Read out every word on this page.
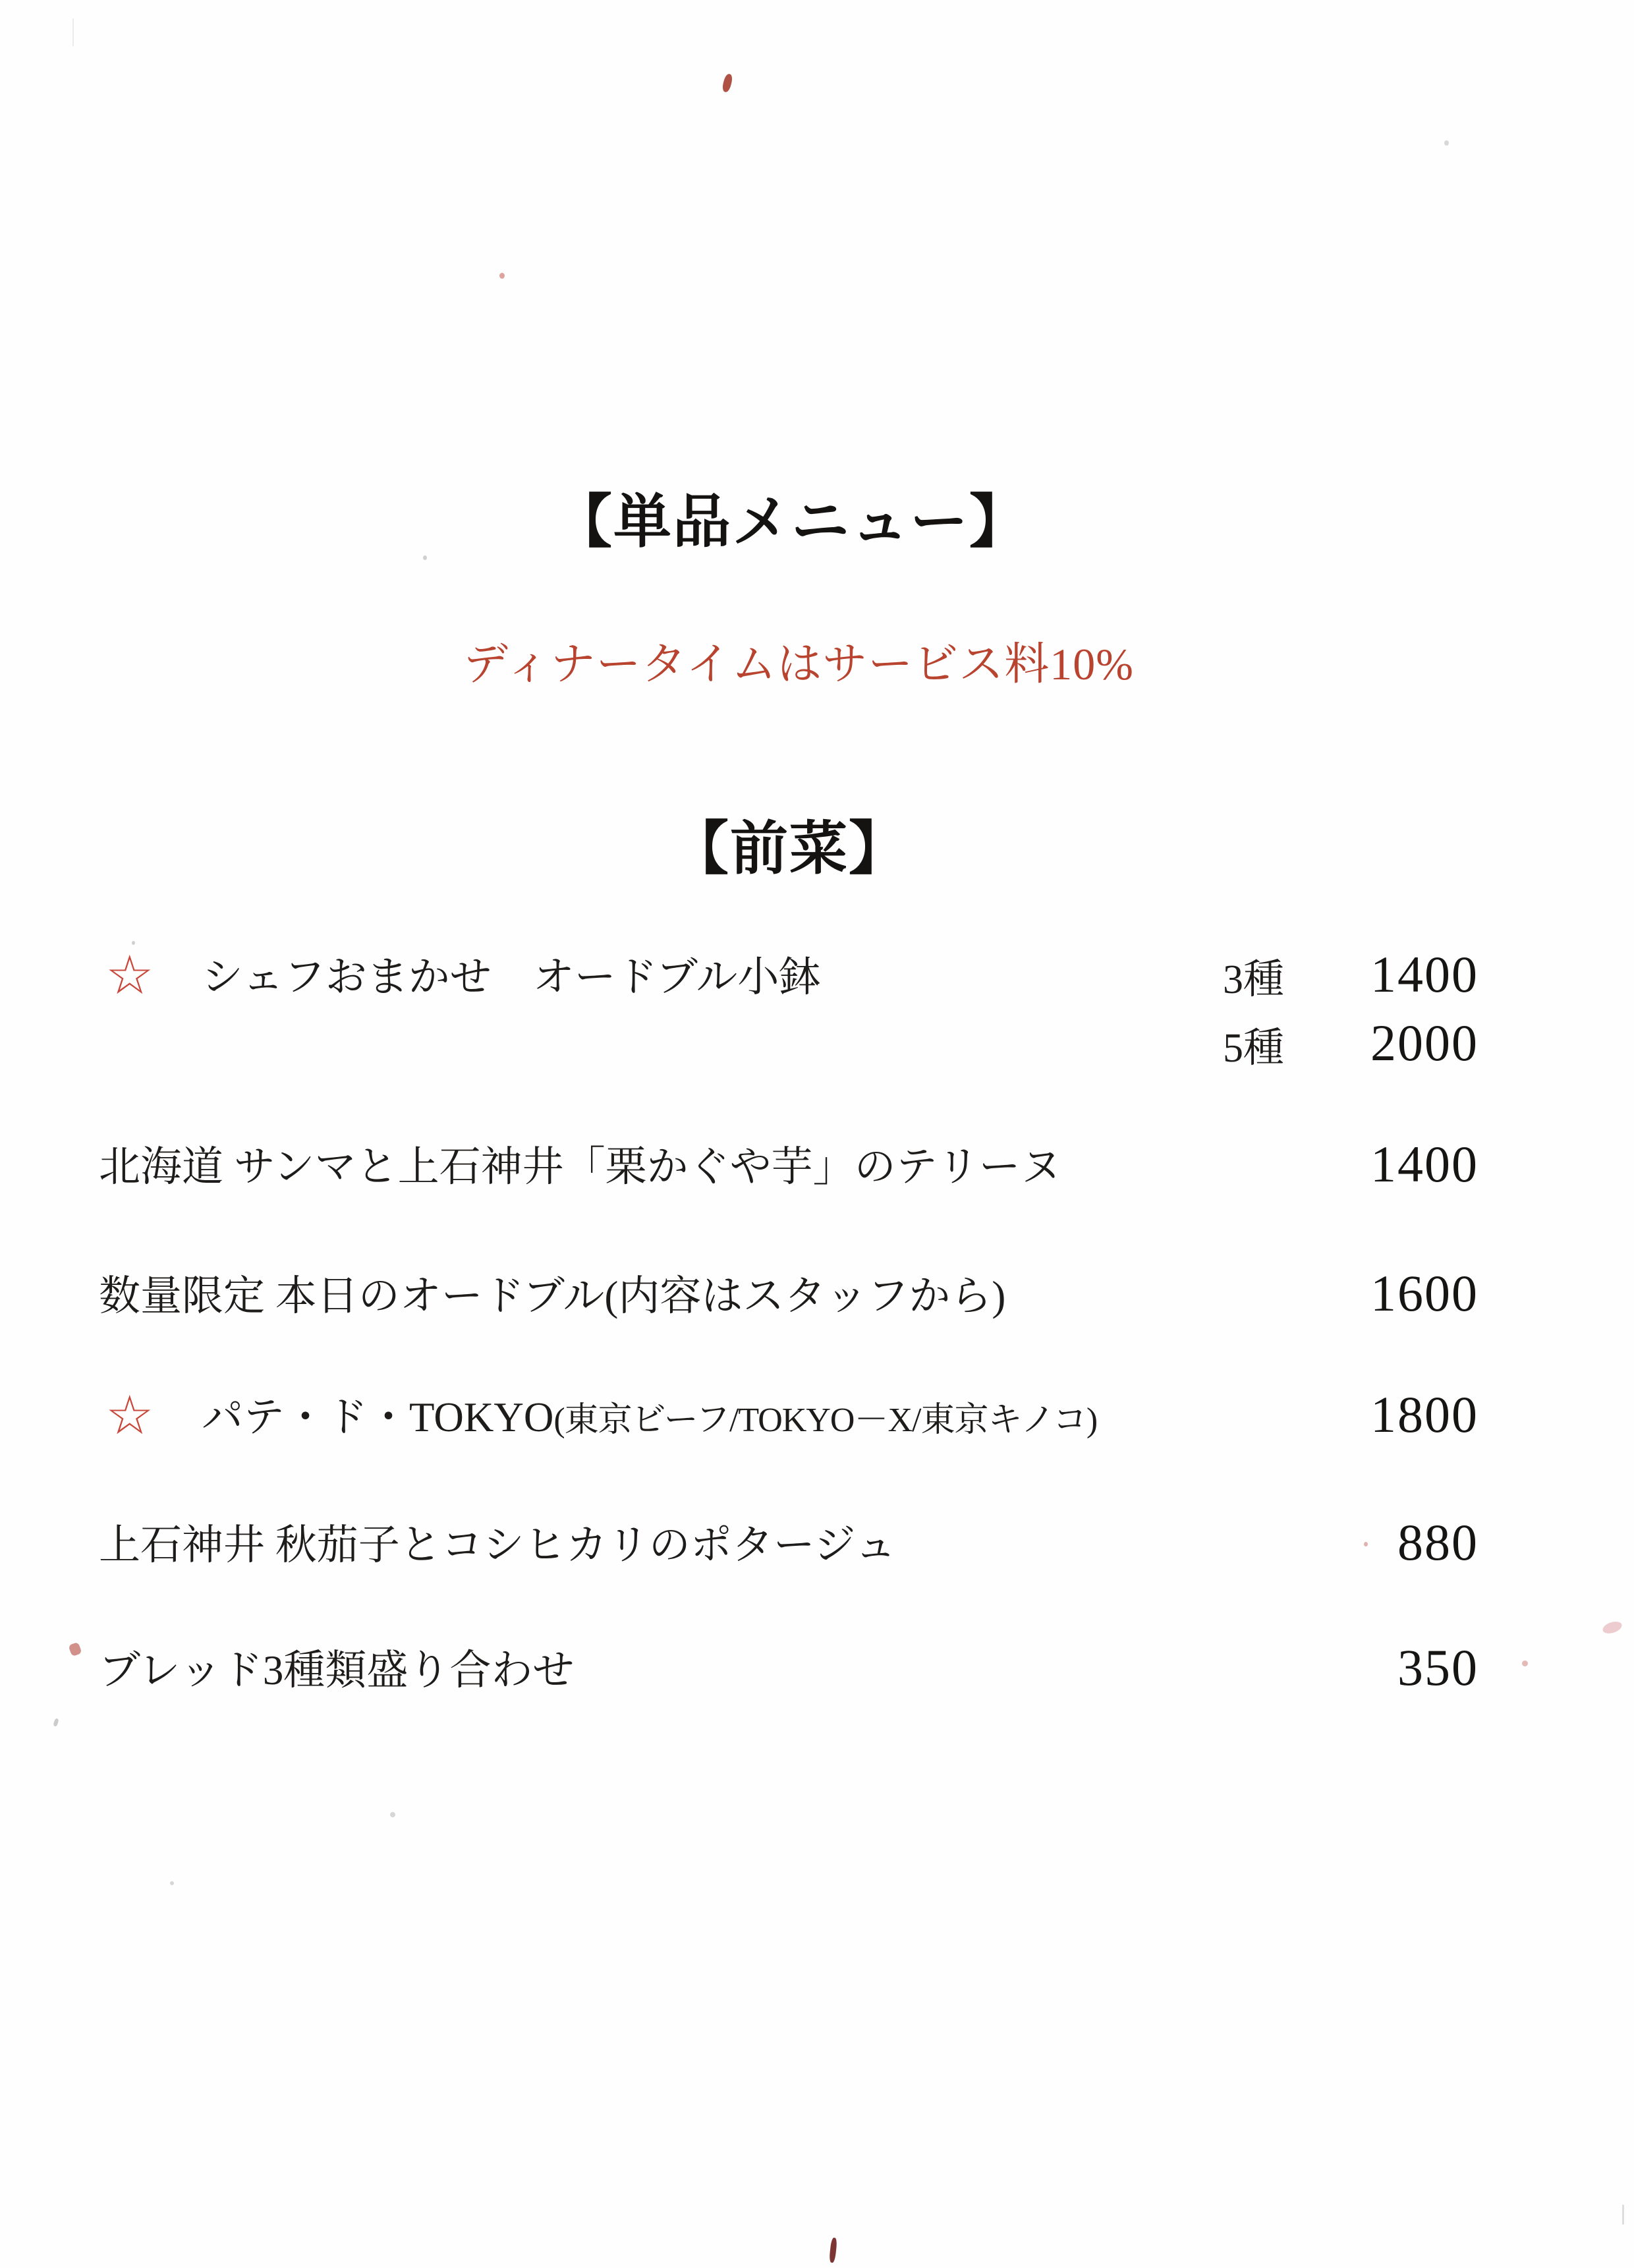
【単品メニュー】
ディナータイムはサービス料10%
【前菜】
☆ シェフおまかせ　オードブル小鉢	3種 1400
5種 2000
北海道 サンマと上石神井「栗かぐや芋」のテリーヌ	1400
数量限定 本日のオードブル(内容はスタッフから)	1600
☆ パテ・ド・TOKYO(東京ビーフ/TOKYO－X/東京キノコ)	1800
上石神井 秋茄子とコシヒカリのポタージュ	880
ブレッド3種類盛り合わせ	350
